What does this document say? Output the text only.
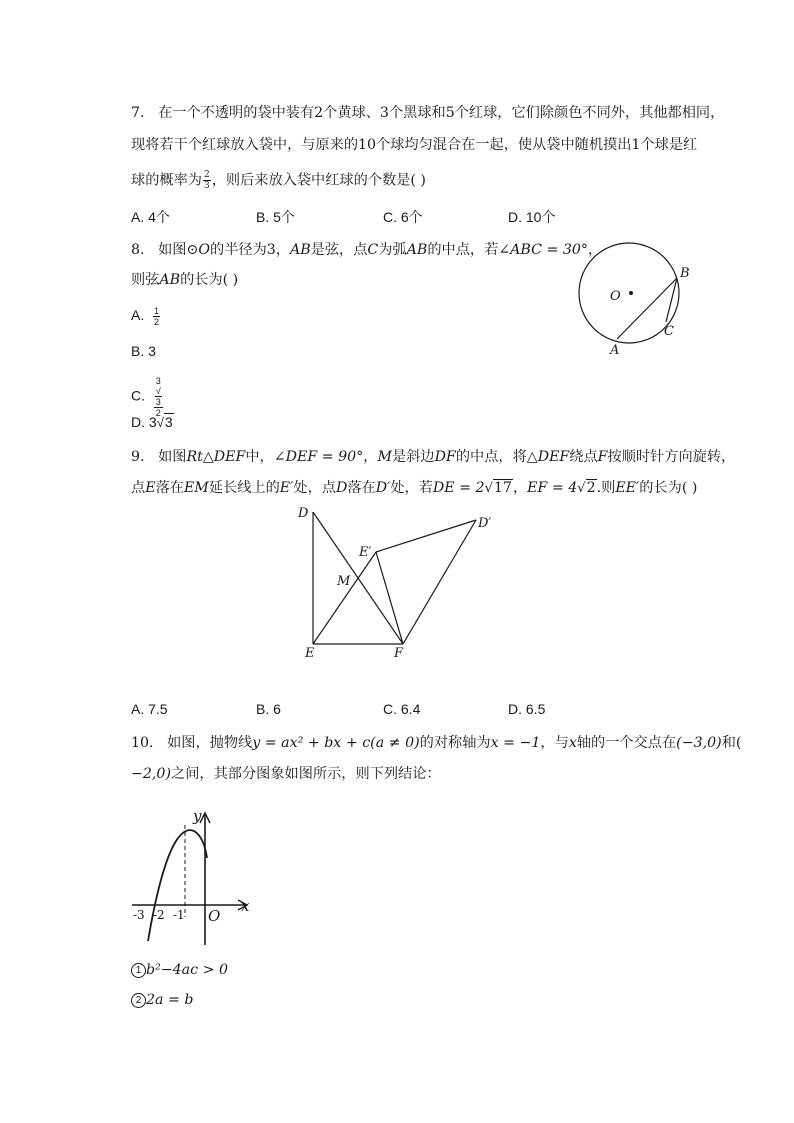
7. 在一个不透明的袋中装有2个黄球、3个黑球和5个红球，它们除颜色不同外，其他都相同，
现将若干个红球放入袋中，与原来的10个球均匀混合在一起，使从袋中随机摸出1个球是红
球的概率为 $\frac{2}{3}$ ，则后来放入袋中红球的个数是( )
A. 4个	B. 5个	C. 6个	D. 10个
8. 如图⊙O的半径为3，AB是弦，点C为弧AB的中点，若∠ABC = 30°，
则弦AB的长为( )
A. $\frac{1}{2}$
B. 3
C. 3
√
3
2
D. 3√3
O
B
C
A
9. 如图Rt△DEF中，∠DEF = 90°，M是斜边DF的中点，将△DEF绕点F按顺时针方向旋转，
点E落在EM延长线上的E′处，点D落在D′处，若DE = 2√17，EF = 4√2.则EE′的长为( )
D
E	F
M
E′
D′
A. 7.5	B. 6	C. 6.4	D. 6.5
10. 如图，抛物线y = ax² + bx + c(a ≠ 0)的对称轴为x = −1，与x轴的一个交点在(−3,0)和(
−2,0)之间，其部分图象如图所示，则下列结论：
y
x
O
-3 -2 -1
1 b²−4ac > 0
2 2a = b
